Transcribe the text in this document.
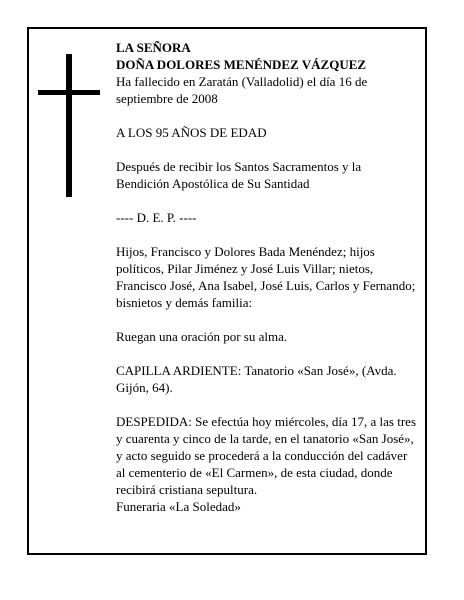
LA SEÑORA

DOÑA DOLORES MENÉNDEZ VÁZQUEZ

Ha fallecido en Zaratán (Valladolid) el día 16 de septiembre de 2008

A LOS 95 AÑOS DE EDAD

Después de recibir los Santos Sacramentos y la Bendición Apostólica de Su Santidad

---- D. E. P. ----

Hijos, Francisco y Dolores Bada Menéndez; hijos políticos, Pilar Jiménez y José Luis Villar; nietos, Francisco José, Ana Isabel, José Luis, Carlos y Fernando; bisnietos y demás familia:

Ruegan una oración por su alma.

CAPILLA ARDIENTE: Tanatorio «San José», (Avda. Gijón, 64).

DESPEDIDA: Se efectúa hoy miércoles, día 17, a las tres y cuarenta y cinco de la tarde, en el tanatorio «San José», y acto seguido se procederá a la conducción del cadáver al cementerio de «El Carmen», de esta ciudad, donde recibirá cristiana sepultura.

Funeraria «La Soledad»
